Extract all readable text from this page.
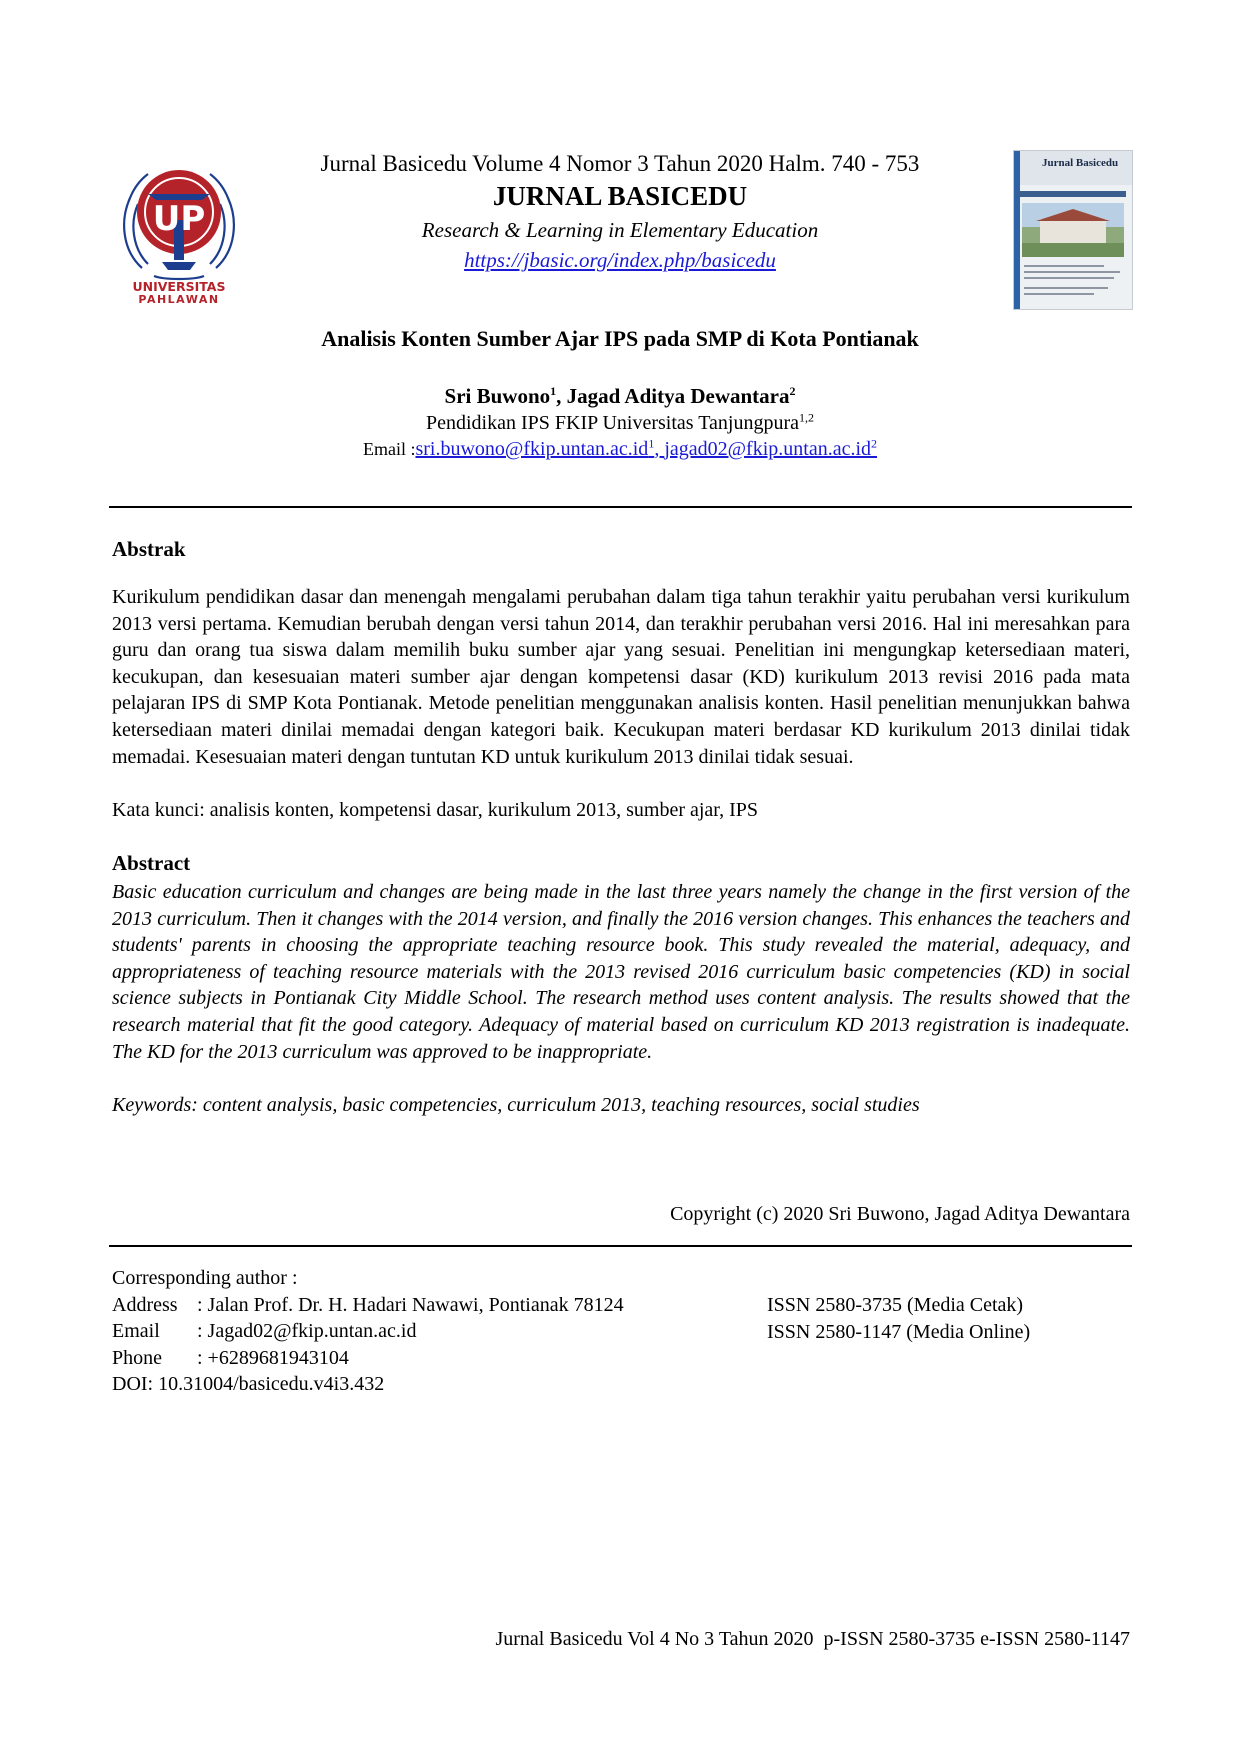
UP
UNIVERSITAS
PAHLAWAN
Jurnal Basicedu Volume 4 Nomor 3 Tahun 2020 Halm. 740 - 753
JURNAL BASICEDU
Research & Learning in Elementary Education
https://jbasic.org/index.php/basicedu
Jurnal Basicedu
Analisis Konten Sumber Ajar IPS pada SMP di Kota Pontianak
Sri Buwono$^1$, Jagad Aditya Dewantara$^2$
Pendidikan IPS FKIP Universitas Tanjungpura$^{1,2}$
Email $:sri.buwono@fkip.untan.ac.id^1$, $jagad02@fkip.untan.ac.id^2$
Abstrak
Kurikulum pendidikan dasar dan menengah mengalami perubahan dalam tiga tahun terakhir yaitu perubahan versi kurikulum 2013 versi pertama. Kemudian berubah dengan versi tahun 2014, dan terakhir perubahan versi 2016. Hal ini meresahkan para guru dan orang tua siswa dalam memilih buku sumber ajar yang sesuai. Penelitian ini mengungkap ketersediaan materi, kecukupan, dan kesesuaian materi sumber ajar dengan kompetensi dasar (KD) kurikulum 2013 revisi 2016 pada mata pelajaran IPS di SMP Kota Pontianak. Metode penelitian menggunakan analisis konten. Hasil penelitian menunjukkan bahwa ketersediaan materi dinilai memadai dengan kategori baik. Kecukupan materi berdasar KD kurikulum 2013 dinilai tidak memadai. Kesesuaian materi dengan tuntutan KD untuk kurikulum 2013 dinilai tidak sesuai.
Kata kunci: analisis konten, kompetensi dasar, kurikulum 2013, sumber ajar, IPS
Abstract
Basic education curriculum and changes are being made in the last three years namely the change in the first version of the 2013 curriculum. Then it changes with the 2014 version, and finally the 2016 version changes. This enhances the teachers and students' parents in choosing the appropriate teaching resource book. This study revealed the material, adequacy, and appropriateness of teaching resource materials with the 2013 revised 2016 curriculum basic competencies (KD) in social science subjects in Pontianak City Middle School. The research method uses content analysis. The results showed that the research material that fit the good category. Adequacy of material based on curriculum KD 2013 registration is inadequate. The KD for the 2013 curriculum was approved to be inappropriate.
Keywords: content analysis, basic competencies, curriculum 2013, teaching resources, social studies
Copyright (c) 2020 Sri Buwono, Jagad Aditya Dewantara
Corresponding author :
Address : Jalan Prof. Dr. H. Hadari Nawawi, Pontianak 78124
Email : Jagad02@fkip.untan.ac.id
Phone : +6289681943104
DOI: 10.31004/basicedu.v4i3.432
ISSN 2580-3735 (Media Cetak)
ISSN 2580-1147 (Media Online)
Jurnal Basicedu Vol 4 No 3 Tahun 2020  p-ISSN 2580-3735 e-ISSN 2580-1147
